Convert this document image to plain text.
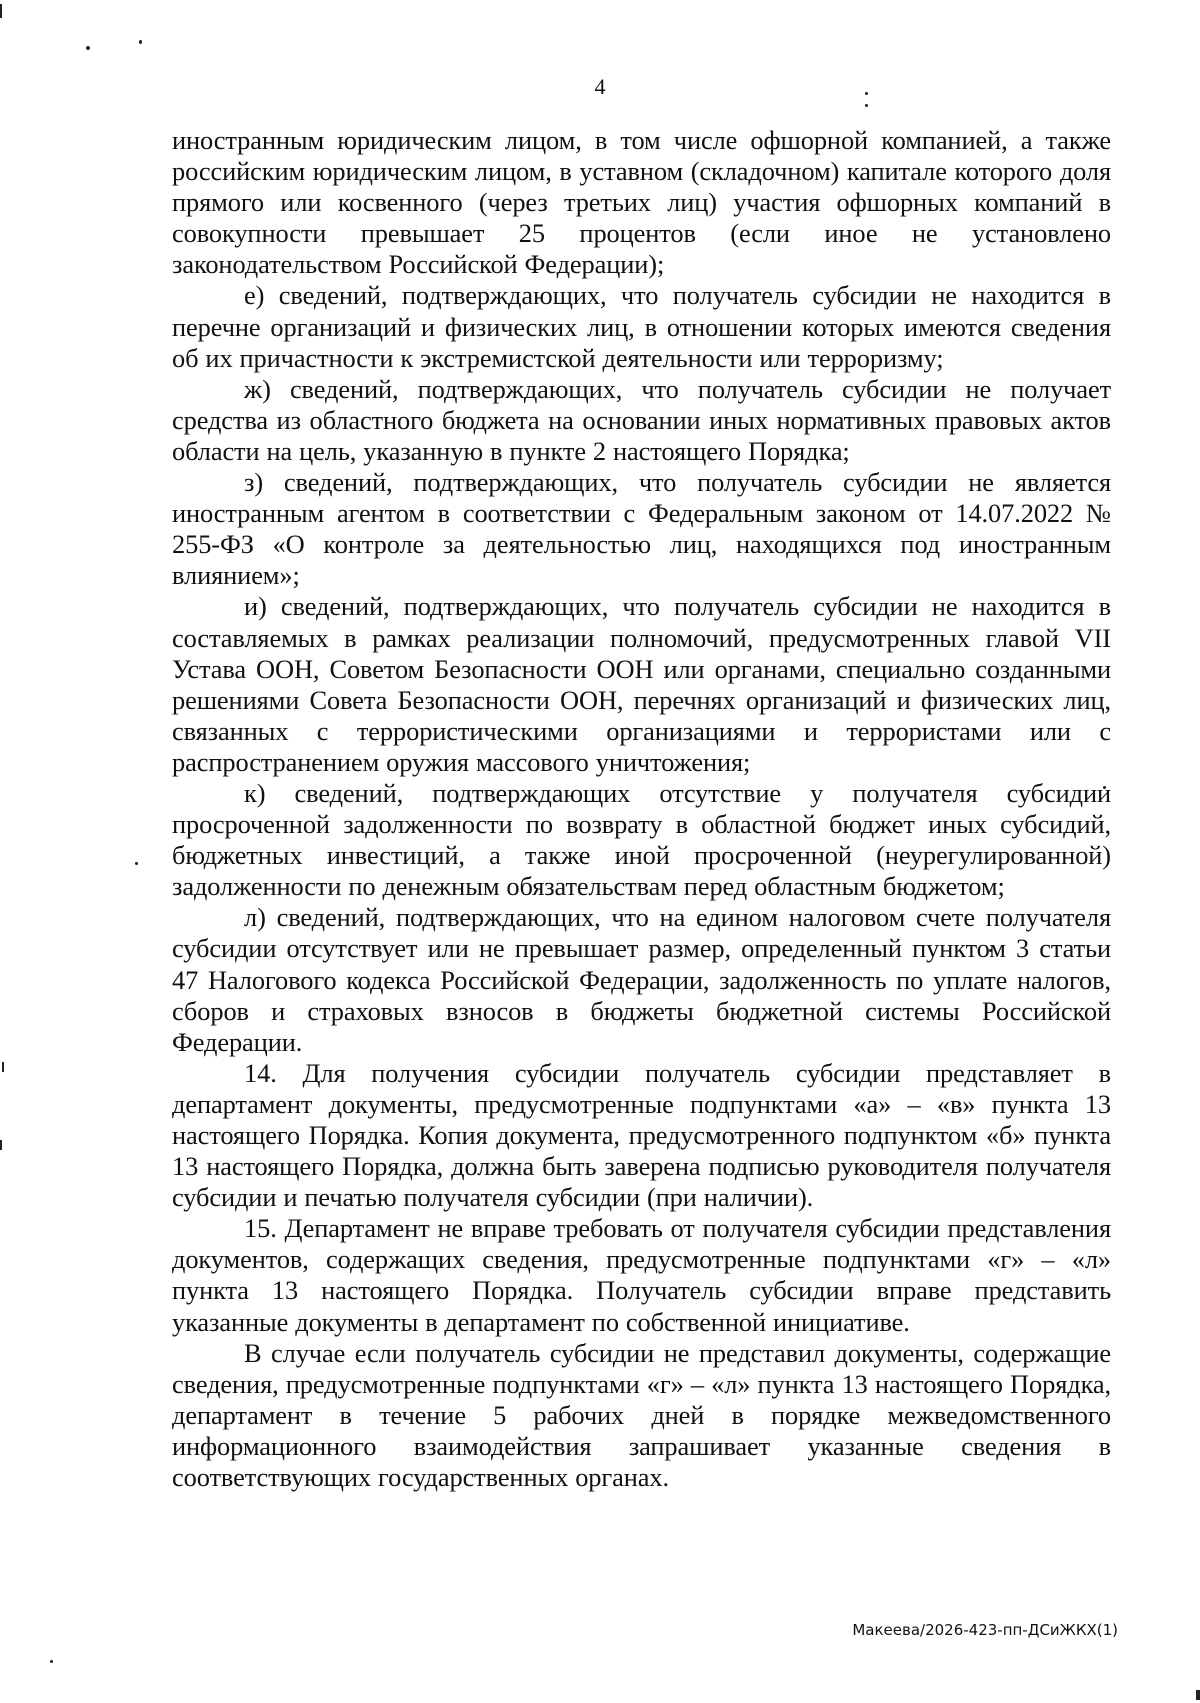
4

иностранным юридическим лицом, в том числе офшорной компанией, а также российским юридическим лицом, в уставном (складочном) капитале которого доля прямого или косвенного (через третьих лиц) участия офшорных компаний в совокупности превышает 25 процентов (если иное не установлено законодательством Российской Федерации);

е) сведений, подтверждающих, что получатель субсидии не находится в перечне организаций и физических лиц, в отношении которых имеются сведения об их причастности к экстремистской деятельности или терроризму;

ж) сведений, подтверждающих, что получатель субсидии не получает средства из областного бюджета на основании иных нормативных правовых актов области на цель, указанную в пункте 2 настоящего Порядка;

з) сведений, подтверждающих, что получатель субсидии не является иностранным агентом в соответствии с Федеральным законом от 14.07.2022 № 255-ФЗ «О контроле за деятельностью лиц, находящихся под иностранным влиянием»;

и) сведений, подтверждающих, что получатель субсидии не находится в составляемых в рамках реализации полномочий, предусмотренных главой VII Устава ООН, Советом Безопасности ООН или органами, специально созданными решениями Совета Безопасности ООН, перечнях организаций и физических лиц, связанных с террористическими организациями и террористами или с распространением оружия массового уничтожения;

к) сведений, подтверждающих отсутствие у получателя субсидии просроченной задолженности по возврату в областной бюджет иных субсидий, бюджетных инвестиций, а также иной просроченной (неурегулированной) задолженности по денежным обязательствам перед областным бюджетом;

л) сведений, подтверждающих, что на едином налоговом счете получателя субсидии отсутствует или не превышает размер, определенный пунктом 3 статьи 47 Налогового кодекса Российской Федерации, задолженность по уплате налогов, сборов и страховых взносов в бюджеты бюджетной системы Российской Федерации.

14. Для получения субсидии получатель субсидии представляет в департамент документы, предусмотренные подпунктами «а» – «в» пункта 13 настоящего Порядка. Копия документа, предусмотренного подпунктом «б» пункта 13 настоящего Порядка, должна быть заверена подписью руководителя получателя субсидии и печатью получателя субсидии (при наличии).

15. Департамент не вправе требовать от получателя субсидии представления документов, содержащих сведения, предусмотренные подпунктами «г» – «л» пункта 13 настоящего Порядка. Получатель субсидии вправе представить указанные документы в департамент по собственной инициативе.

В случае если получатель субсидии не представил документы, содержащие сведения, предусмотренные подпунктами «г» – «л» пункта 13 настоящего Порядка, департамент в течение 5 рабочих дней в порядке межведомственного информационного взаимодействия запрашивает указанные сведения в соответствующих государственных органах.

Макеева/2026-423-пп-ДСиЖКХ(1)
